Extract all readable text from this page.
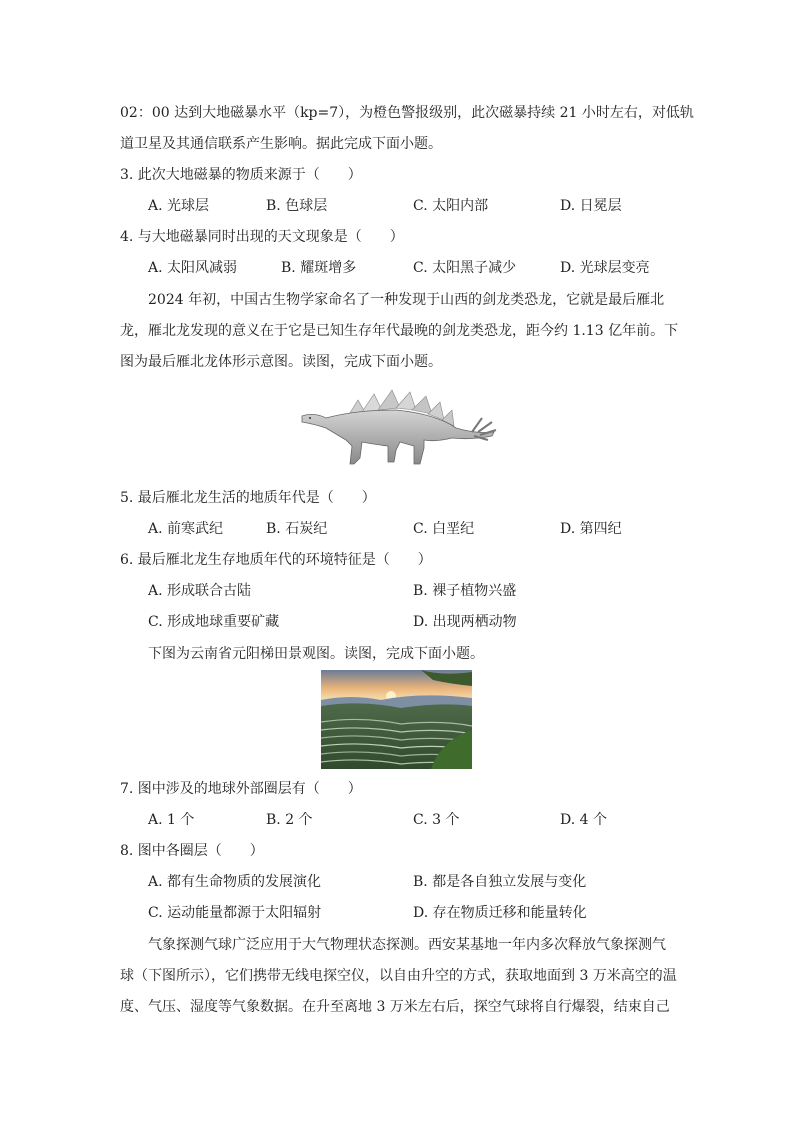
02：00 达到大地磁暴水平（kp=7），为橙色警报级别，此次磁暴持续 21 小时左右，对低轨
道卫星及其通信联系产生影响。据此完成下面小题。
3. 此次大地磁暴的物质来源于（　　）
A. 光球层	B. 色球层	C. 太阳内部	D. 日冕层
4. 与大地磁暴同时出现的天文现象是（　　）
A. 太阳风减弱	B. 耀斑增多	C. 太阳黑子减少	D. 光球层变亮
2024 年初，中国古生物学家命名了一种发现于山西的剑龙类恐龙，它就是最后雁北
龙，雁北龙发现的意义在于它是已知生存年代最晚的剑龙类恐龙，距今约 1.13 亿年前。下
图为最后雁北龙体形示意图。读图，完成下面小题。
5. 最后雁北龙生活的地质年代是（　　）
A. 前寒武纪	B. 石炭纪	C. 白垩纪	D. 第四纪
6. 最后雁北龙生存地质年代的环境特征是（　　）
A. 形成联合古陆	B. 裸子植物兴盛
C. 形成地球重要矿藏	D. 出现两栖动物
下图为云南省元阳梯田景观图。读图，完成下面小题。
7. 图中涉及的地球外部圈层有（　　）
A. 1 个	B. 2 个	C. 3 个	D. 4 个
8. 图中各圈层（　　）
A. 都有生命物质的发展演化	B. 都是各自独立发展与变化
C. 运动能量都源于太阳辐射	D. 存在物质迁移和能量转化
气象探测气球广泛应用于大气物理状态探测。西安某基地一年内多次释放气象探测气
球（下图所示），它们携带无线电探空仪，以自由升空的方式，获取地面到 3 万米高空的温
度、气压、湿度等气象数据。在升至离地 3 万米左右后，探空气球将自行爆裂，结束自己
